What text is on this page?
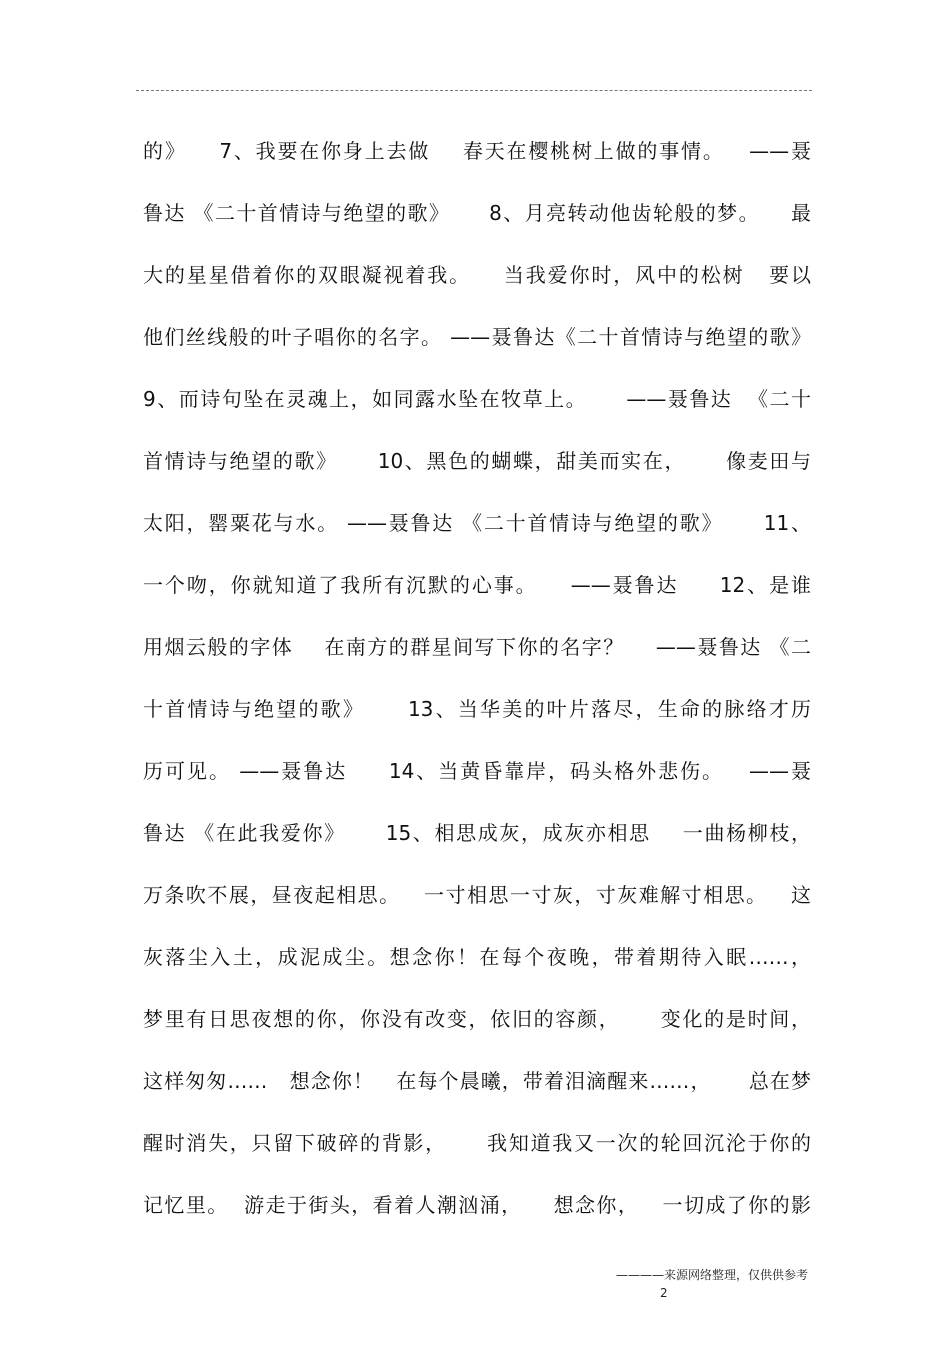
的》    7、我要在你身上去做    春天在樱桃树上做的事情。   ——聂
鲁达 《二十首情诗与绝望的歌》     8、月亮转动他齿轮般的梦。    最
大的星星借着你的双眼凝视着我。    当我爱你时，风中的松树   要以
他们丝线般的叶子唱你的名字。 ——聂鲁达《二十首情诗与绝望的歌》
9、而诗句坠在灵魂上，如同露水坠在牧草上。     ——聂鲁达  《二十
首情诗与绝望的歌》     10、黑色的蝴蝶，甜美而实在，     像麦田与
太阳，罂粟花与水。 ——聂鲁达 《二十首情诗与绝望的歌》     11、
一个吻，你就知道了我所有沉默的心事。    ——聂鲁达     12、是谁
用烟云般的字体    在南方的群星间写下你的名字？    ——聂鲁达 《二
十首情诗与绝望的歌》     13、当华美的叶片落尽，生命的脉络才历
历可见。 ——聂鲁达     14、当黄昏靠岸，码头格外悲伤。   ——聂
鲁达 《在此我爱你》     15、相思成灰，成灰亦相思    一曲杨柳枝，
万条吹不展，昼夜起相思。   一寸相思一寸灰，寸灰难解寸相思。   这
灰落尘入土，成泥成尘。想念你！在每个夜晚，带着期待入眠……，
梦里有日思夜想的你，你没有改变，依旧的容颜，     变化的是时间，
这样匆匆……   想念你！   在每个晨曦，带着泪滴醒来……，     总在梦
醒时消失，只留下破碎的背影，     我知道我又一次的轮回沉沦于你的
记忆里。  游走于街头，看着人潮汹涌，    想念你，   一切成了你的影

————来源网络整理，仅供供参考
2
